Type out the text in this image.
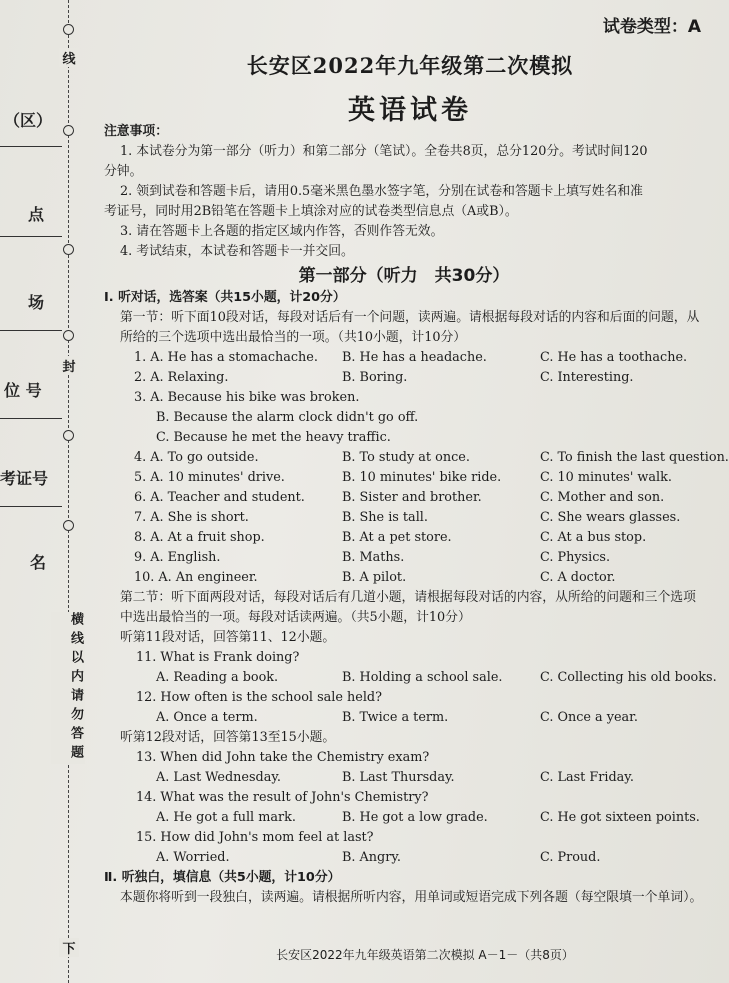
（区）
点
场
位 号
考证号
名
线
封
横线以内请勿答题
下
试卷类型：A
长安区2022年九年级第二次模拟
英语试卷
注意事项：
1. 本试卷分为第一部分（听力）和第二部分（笔试）。全卷共8页，总分120分。考试时间120
分钟。
2. 领到试卷和答题卡后，请用0.5毫米黑色墨水签字笔，分别在试卷和答题卡上填写姓名和准
考证号，同时用2B铅笔在答题卡上填涂对应的试卷类型信息点（A或B）。
3. 请在答题卡上各题的指定区域内作答，否则作答无效。
4. 考试结束，本试卷和答题卡一并交回。
第一部分（听力　共30分）
Ⅰ. 听对话，选答案（共15小题，计20分）
第一节：听下面10段对话，每段对话后有一个问题，读两遍。请根据每段对话的内容和后面的问题，从所给的三个选项中选出最恰当的一项。（共10小题，计10分）
1. A. He has a stomachache. B. He has a headache.	C. He has a toothache.
2. A. Relaxing.	B. Boring.	C. Interesting.
3. A. Because his bike was broken.
B. Because the alarm clock didn't go off.
C. Because he met the heavy traffic.
4. A. To go outside.	B. To study at once.	C. To finish the last question.
5. A. 10 minutes' drive.	B. 10 minutes' bike ride.	C. 10 minutes' walk.
6. A. Teacher and student.	B. Sister and brother.	C. Mother and son.
7. A. She is short.	B. She is tall.	C. She wears glasses.
8. A. At a fruit shop.	B. At a pet store.	C. At a bus stop.
9. A. English.	B. Maths.	C. Physics.
10. A. An engineer.	B. A pilot.	C. A doctor.
第二节：听下面两段对话，每段对话后有几道小题，请根据每段对话的内容，从所给的问题和三个选项中选出最恰当的一项。每段对话读两遍。（共5小题，计10分）
听第11段对话，回答第11、12小题。
11. What is Frank doing?
A. Reading a book.	B. Holding a school sale.	C. Collecting his old books.
12. How often is the school sale held?
A. Once a term.	B. Twice a term.	C. Once a year.
听第12段对话，回答第13至15小题。
13. When did John take the Chemistry exam?
A. Last Wednesday.	B. Last Thursday.	C. Last Friday.
14. What was the result of John's Chemistry?
A. He got a full mark.	B. He got a low grade.	C. He got sixteen points.
15. How did John's mom feel at last?
A. Worried.	B. Angry.	C. Proud.
Ⅱ. 听独白，填信息（共5小题，计10分）
本题你将听到一段独白，读两遍。请根据所听内容，用单词或短语完成下列各题（每空限填一个单词）。
长安区2022年九年级英语第二次模拟 A－1－（共8页）
